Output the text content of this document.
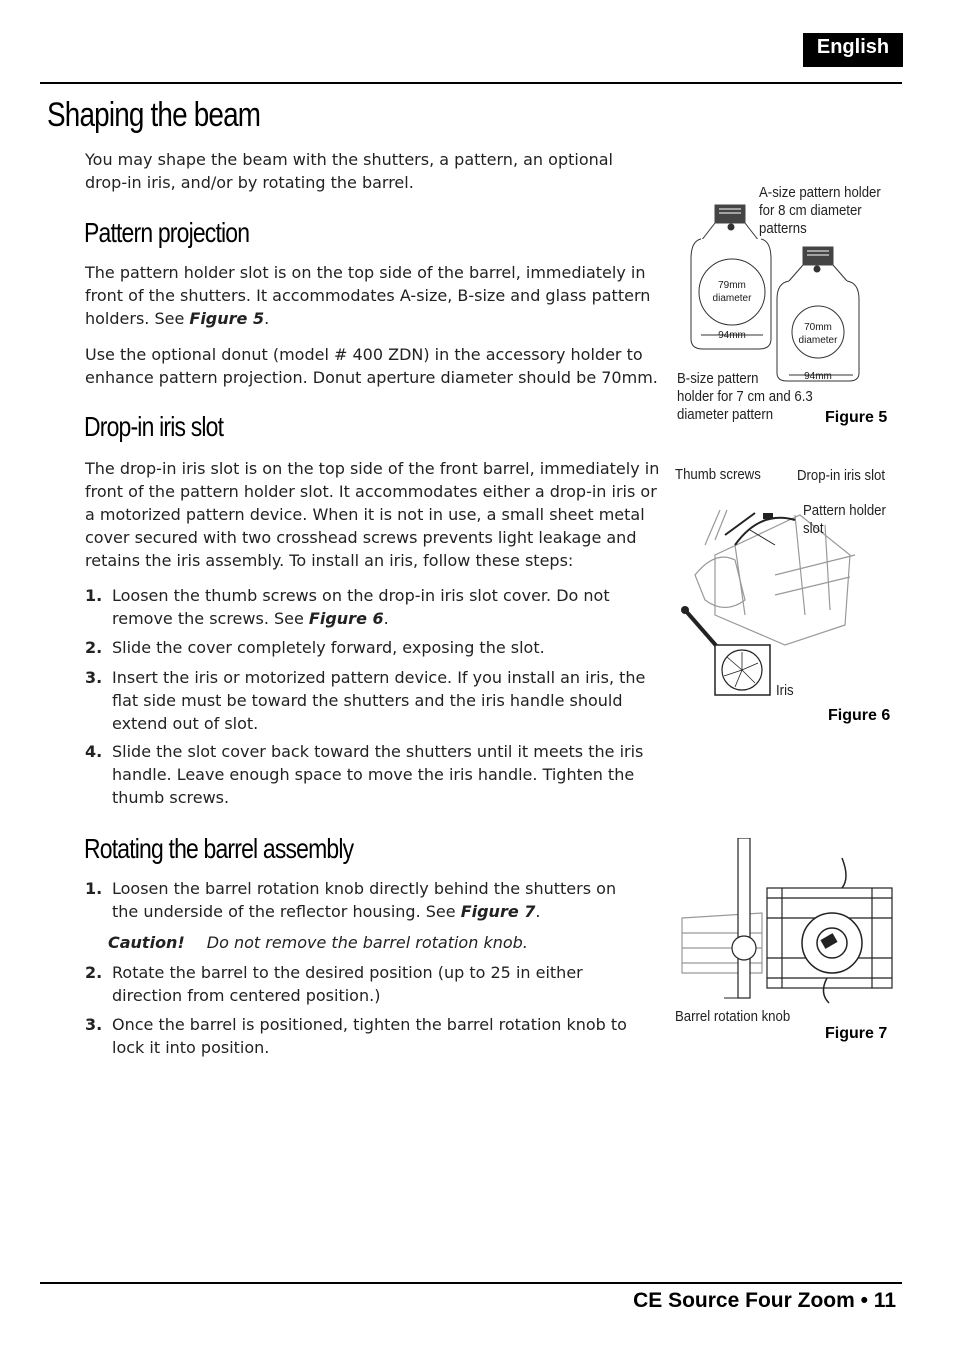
English
Shaping the beam

You may shape the beam with the shutters, a pattern, an optional drop-in iris, and/or by rotating the barrel.

Pattern projection

The pattern holder slot is on the top side of the barrel, immediately in front of the shutters. It accommodates A-size, B-size and glass pattern holders. See Figure 5.

Use the optional donut (model # 400 ZDN) in the accessory holder to enhance pattern projection. Donut aperture diameter should be 70mm.

Drop-in iris slot

The drop-in iris slot is on the top side of the front barrel, immediately in front of the pattern holder slot. It accommodates either a drop-in iris or a motorized pattern device. When it is not in use, a small sheet metal cover secured with two crosshead screws prevents light leakage and retains the iris assembly. To install an iris, follow these steps:

1. Loosen the thumb screws on the drop-in iris slot cover. Do not remove the screws. See Figure 6.
2. Slide the cover completely forward, exposing the slot.
3. Insert the iris or motorized pattern device. If you install an iris, the flat side must be toward the shutters and the iris handle should extend out of slot.
4. Slide the slot cover back toward the shutters until it meets the iris handle. Leave enough space to move the iris handle. Tighten the thumb screws.
Rotating the barrel assembly
1. Loosen the barrel rotation knob directly behind the shutters on the underside of the reflector housing. See Figure 7.
Caution! Do not remove the barrel rotation knob.
2. Rotate the barrel to the desired position (up to 25 in either direction from centered position.)
3. Once the barrel is positioned, tighten the barrel rotation knob to lock it into position.
A-size pattern holder
for 8 cm diameter
patterns
B-size pattern
holder for 7 cm and 6.3
diameter pattern
79mm
diameter
94mm
70mm
diameter
94mm
Figure 5
Thumb screws Drop-in iris slot
Pattern holder
slot
Iris
Figure 6
Barrel rotation knob
Figure 7
CE Source Four Zoom • 11
